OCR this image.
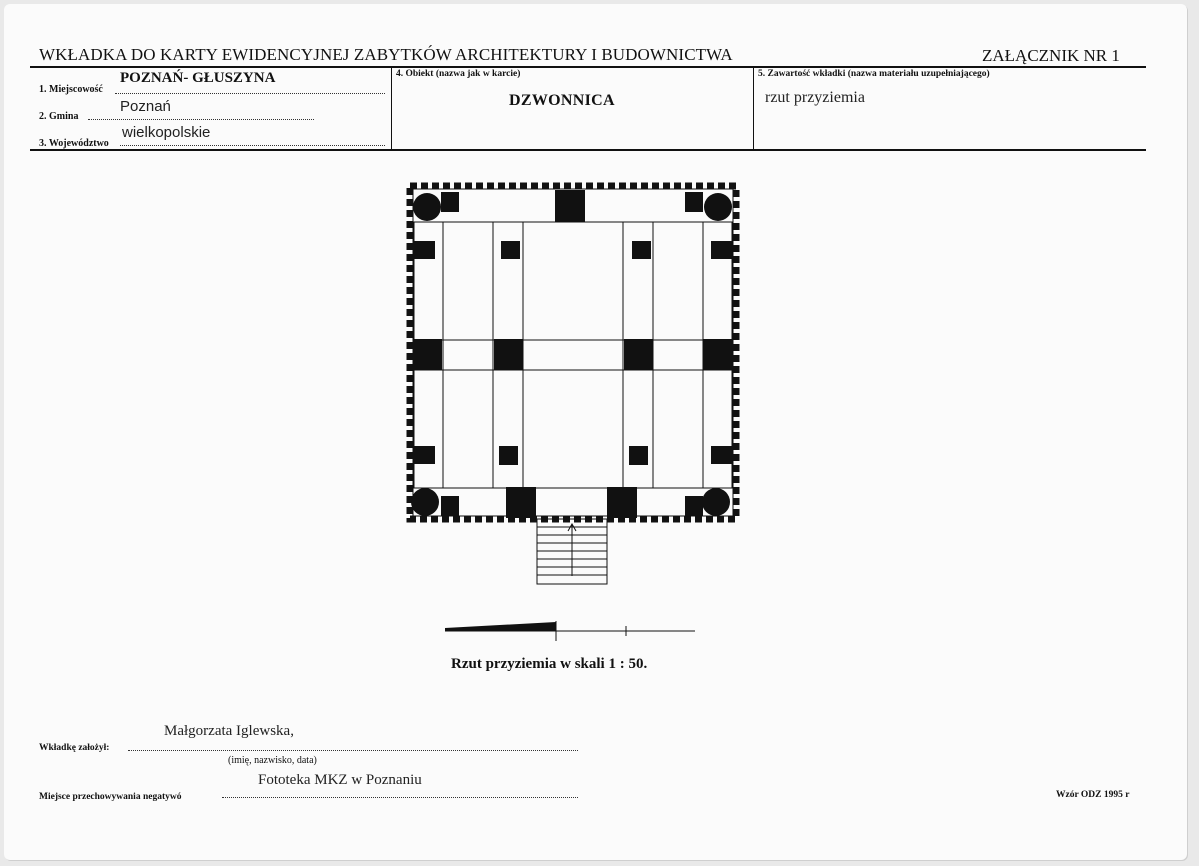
WKŁADKA DO KARTY EWIDENCYJNEJ ZABYTKÓW ARCHITEKTURY I BUDOWNICTWA	ZAŁĄCZNIK NR 1
1. Miejscowość
POZNAŃ- GŁUSZYNA
2. Gmina
Poznań
3. Województwo
wielkopolskie
4. Obiekt (nazwa jak w karcie)
DZWONNICA
5. Zawartość wkładki (nazwa materiału uzupełniającego)
rzut przyziemia
Rzut przyziemia w skali 1 : 50.
Wkładkę założył:
Małgorzata Iglewska,
(imię, nazwisko, data)
Miejsce przechowywania negatywó
Fototeka MKZ w Poznaniu
Wzór ODZ 1995 r
